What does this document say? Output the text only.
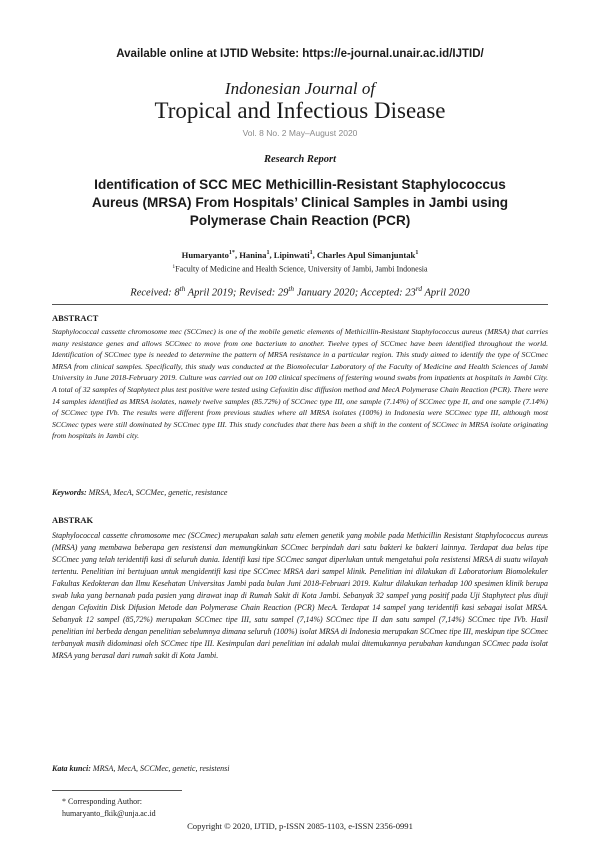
Available online at IJTID Website: https://e-journal.unair.ac.id/IJTID/
Indonesian Journal of
Tropical and Infectious Disease
Vol. 8 No. 2 May–August 2020
Research Report
Identification of SCC MEC Methicillin-Resistant Staphylococcus Aureus (MRSA) From Hospitals’ Clinical Samples in Jambi using Polymerase Chain Reaction (PCR)
Humaryanto$^{1*}$, Hanina$^1$, Lipinwati$^1$, Charles Apul Simanjuntak$^1$
$^1$Faculty of Medicine and Health Science, University of Jambi, Jambi Indonesia
Received: 8th April 2019; Revised: 29th January 2020; Accepted: 23rd April 2020
ABSTRACT
Staphylococcal cassette chromosome mec (SCCmec) is one of the mobile genetic elements of Methicillin-Resistant Staphylococcus aureus (MRSA) that carries many resistance genes and allows SCCmec to move from one bacterium to another. Twelve types of SCCmec have been identified throughout the world. Identification of SCCmec type is needed to determine the pattern of MRSA resistance in a particular region. This study aimed to identify the type of SCCmec MRSA from clinical samples. Specifically, this study was conducted at the Biomolecular Laboratory of the Faculty of Medicine and Health Sciences of Jambi University in June 2018-February 2019. Culture was carried out on 100 clinical specimens of festering wound swabs from inpatients at hospitals in Jambi City. A total of 32 samples of Staphytect plus test positive were tested using Cefoxitin disc diffusion method and MecA Polymerase Chain Reaction (PCR). There were 14 samples identified as MRSA isolates, namely twelve samples (85.72%) of SCCmec type III, one sample (7.14%) of SCCmec type II, and one sample (7.14%) of SCCmec type IVb. The results were different from previous studies where all MRSA isolates (100%) in Indonesia were SCCmec type III, although most SCCmec types were still dominated by SCCmec type III. This study concludes that there has been a shift in the content of SCCmec in MRSA isolate originating from hospitals in Jambi city.
Keywords: MRSA, MecA, SCCMec, genetic, resistance
ABSTRAK
Staphylococcal cassette chromosome mec (SCCmec) merupakan salah satu elemen genetik yang mobile pada Methicillin Resistant Staphylococcus aureus (MRSA) yang membawa beberapa gen resistensi dan memungkinkan SCCmec berpindah dari satu bakteri ke bakteri lainnya. Terdapat dua belas tipe SCCmec yang telah teridentifi kasi di seluruh dunia. Identifi kasi tipe SCCmec sangat diperlukan untuk mengetahui pola resistensi MRSA di suatu wilayah tertentu. Penelitian ini bertujuan untuk mengidentifi kasi tipe SCCmec MRSA dari sampel klinik. Penelitian ini dilakukan di Laboratorium Biomolekuler Fakultas Kedokteran dan Ilmu Kesehatan Universitas Jambi pada bulan Juni 2018-Februari 2019. Kultur dilakukan terhadap 100 spesimen klinik berupa swab luka yang bernanah pada pasien yang dirawat inap di Rumah Sakit di Kota Jambi. Sebanyak 32 sampel yang positif pada Uji Staphytect plus diuji dengan Cefoxitin Disk Difusion Metode dan Polymerase Chain Reaction (PCR) MecA. Terdapat 14 sampel yang teridentifi kasi sebagai isolat MRSA. Sebanyak 12 sampel (85,72%) merupakan SCCmec tipe III, satu sampel (7,14%) SCCmec tipe II dan satu sampel (7,14%) SCCmec tipe IVb. Hasil penelitian ini berbeda dengan penelitian sebelumnya dimana seluruh (100%) isolat MRSA di Indonesia merupakan SCCmec tipe III, meskipun tipe SCCmec terbanyak masih didominasi oleh SCCmec tipe III. Kesimpulan dari penelitian ini adalah mulai ditemukannya perubahan kandungan SCCmec pada isolat MRSA yang berasal dari rumah sakit di Kota Jambi.
Kata kunci: MRSA, MecA, SCCMec, genetic, resistensi
* Corresponding Author:
humaryanto_fkik@unja.ac.id
Copyright © 2020, IJTID, p-ISSN 2085-1103, e-ISSN 2356-0991
